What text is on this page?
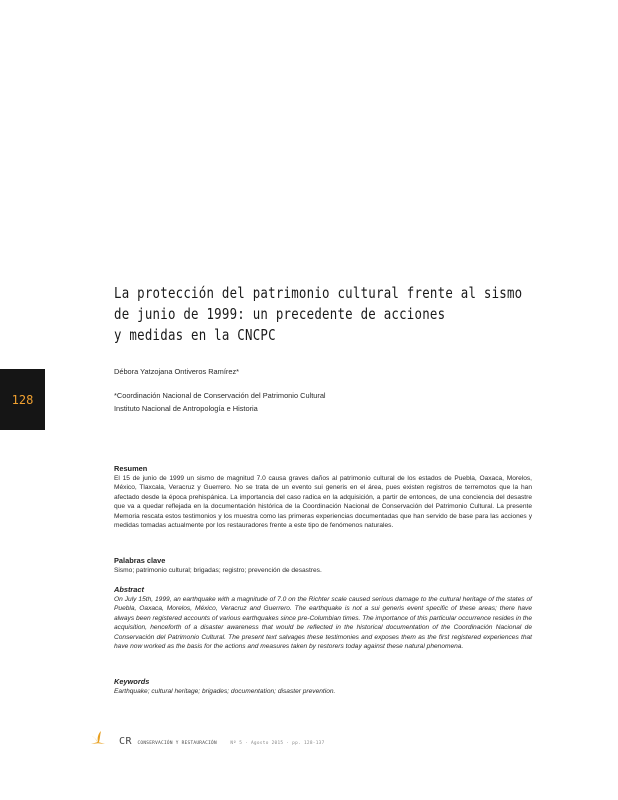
128
La protección del patrimonio cultural frente al sismo
de junio de 1999: un precedente de acciones
y medidas en la CNCPC
Débora Yatzojana Ontiveros Ramírez*
*Coordinación Nacional de Conservación del Patrimonio Cultural
Instituto Nacional de Antropología e Historia
Resumen

El 15 de junio de 1999 un sismo de magnitud 7.0 causa graves daños al patrimonio cultural de los estados de Puebla, Oaxaca, Morelos, México, Tlaxcala, Veracruz y Guerrero. No se trata de un evento sui generis en el área, pues existen registros de terremotos que la han afectado desde la época prehispánica. La importancia del caso radica en la adquisición, a partir de entonces, de una conciencia del desastre que va a quedar reflejada en la documentación histórica de la Coordinación Nacional de Conservación del Patrimonio Cultural. La presente Memoria rescata estos testimonios y los muestra como las primeras experiencias documentadas que han servido de base para las acciones y medidas tomadas actualmente por los restauradores frente a este tipo de fenómenos naturales.

Palabras clave

Sismo; patrimonio cultural; brigadas; registro; prevención de desastres.

Abstract

On July 15th, 1999, an earthquake with a magnitude of 7.0 on the Richter scale caused serious damage to the cultural heritage of the states of Puebla, Oaxaca, Morelos, México, Veracruz and Guerrero. The earthquake is not a sui generis event specific of these areas; there have always been registered accounts of various earthquakes since pre-Columbian times. The importance of this particular occurrence resides in the acquisition, henceforth of a disaster awareness that would be reflected in the historical documentation of the Coordinación Nacional de Conservación del Patrimonio Cultural. The present text salvages these testimonies and exposes them as the first registered experiences that have now worked as the basis for the actions and measures taken by restorers today against these natural phenomena.

Keywords

Earthquake; cultural heritage; brigades; documentation; disaster prevention.

CR CONSERVACIÓN Y RESTAURACIÓN	Nº 5 · Agosto 2015 · pp. 128-137
